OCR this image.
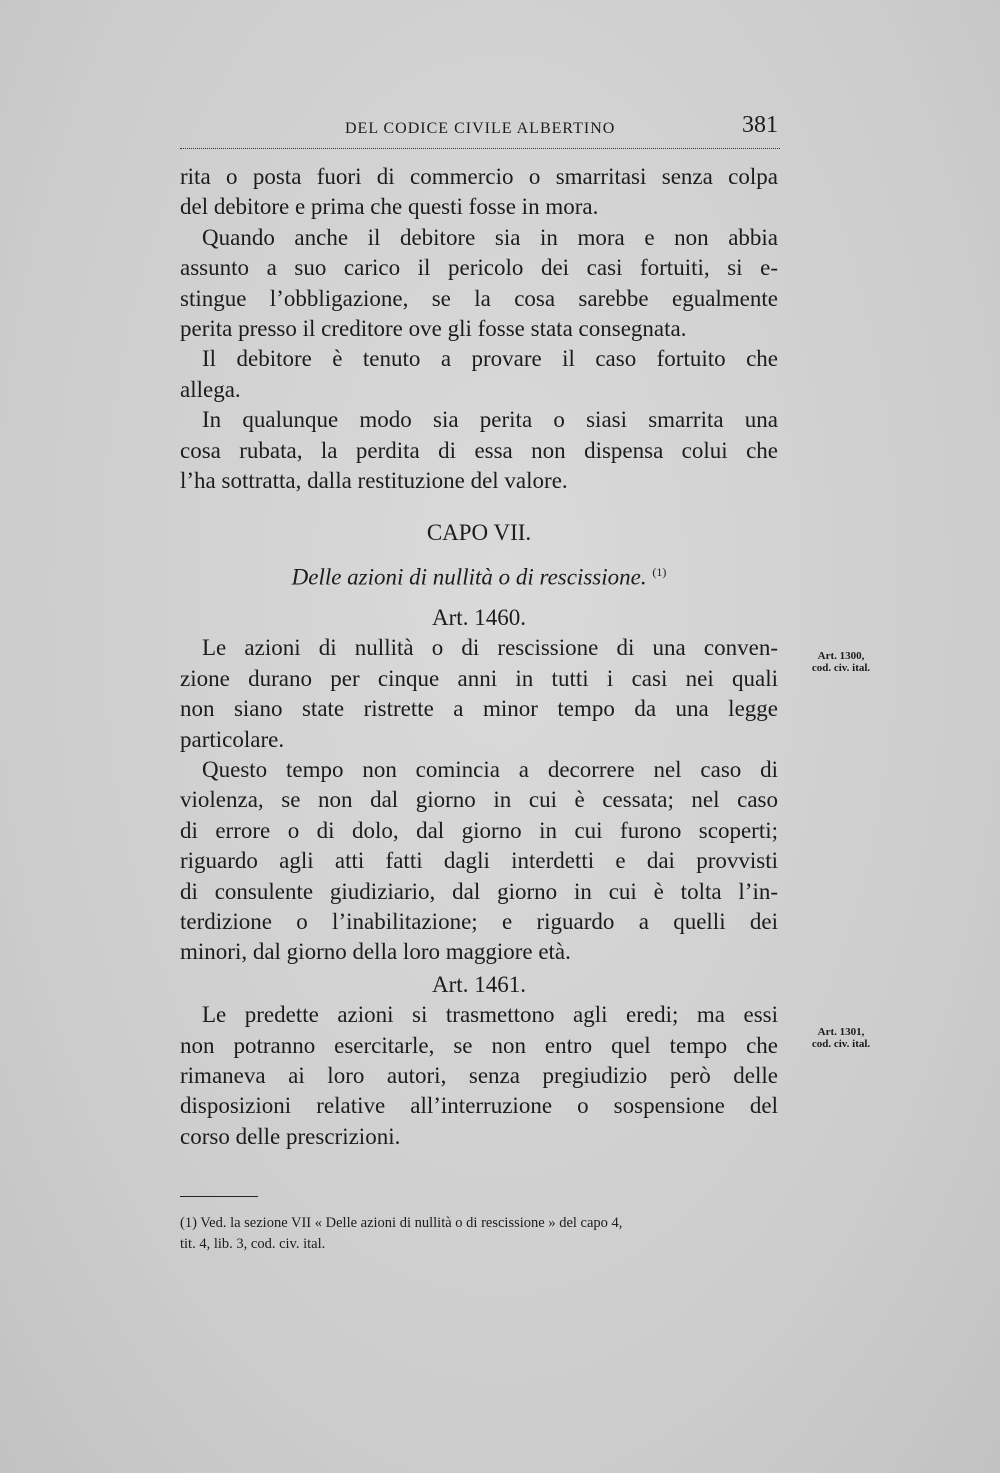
DEL CODICE CIVILE ALBERTINO	381

rita o posta fuori di commercio o smarritasi senza colpa

del debitore e prima che questi fosse in mora.

Quando anche il debitore sia in mora e non abbia

assunto a suo carico il pericolo dei casi fortuiti, si e-

stingue l’obbligazione, se la cosa sarebbe egualmente

perita presso il creditore ove gli fosse stata consegnata.

Il debitore è tenuto a provare il caso fortuito che

allega.

In qualunque modo sia perita o siasi smarrita una

cosa rubata, la perdita di essa non dispensa colui che

l’ha sottratta, dalla restituzione del valore.

CAPO VII.
Delle azioni di nullità o di rescissione. $^{(1)}$
Art. 1460.

Le azioni di nullità o di rescissione di una conven-

zione durano per cinque anni in tutti i casi nei quali

non siano state ristrette a minor tempo da una legge

particolare.

Questo tempo non comincia a decorrere nel caso di

violenza, se non dal giorno in cui è cessata; nel caso

di errore o di dolo, dal giorno in cui furono scoperti;

riguardo agli atti fatti dagli interdetti e dai provvisti

di consulente giudiziario, dal giorno in cui è tolta l’in-

terdizione o l’inabilitazione; e riguardo a quelli dei

minori, dal giorno della loro maggiore età.

Art. 1461.

Le predette azioni si trasmettono agli eredi; ma essi

non potranno esercitarle, se non entro quel tempo che

rimaneva ai loro autori, senza pregiudizio però delle

disposizioni relative all’interruzione o sospensione del

corso delle prescrizioni.

Art. 1300,
cod. civ. ital.
Art. 1301,
cod. civ. ital.
(1) Ved. la sezione VII « Delle azioni di nullità o di rescissione » del capo 4,
tit. 4, lib. 3, cod. civ. ital.
